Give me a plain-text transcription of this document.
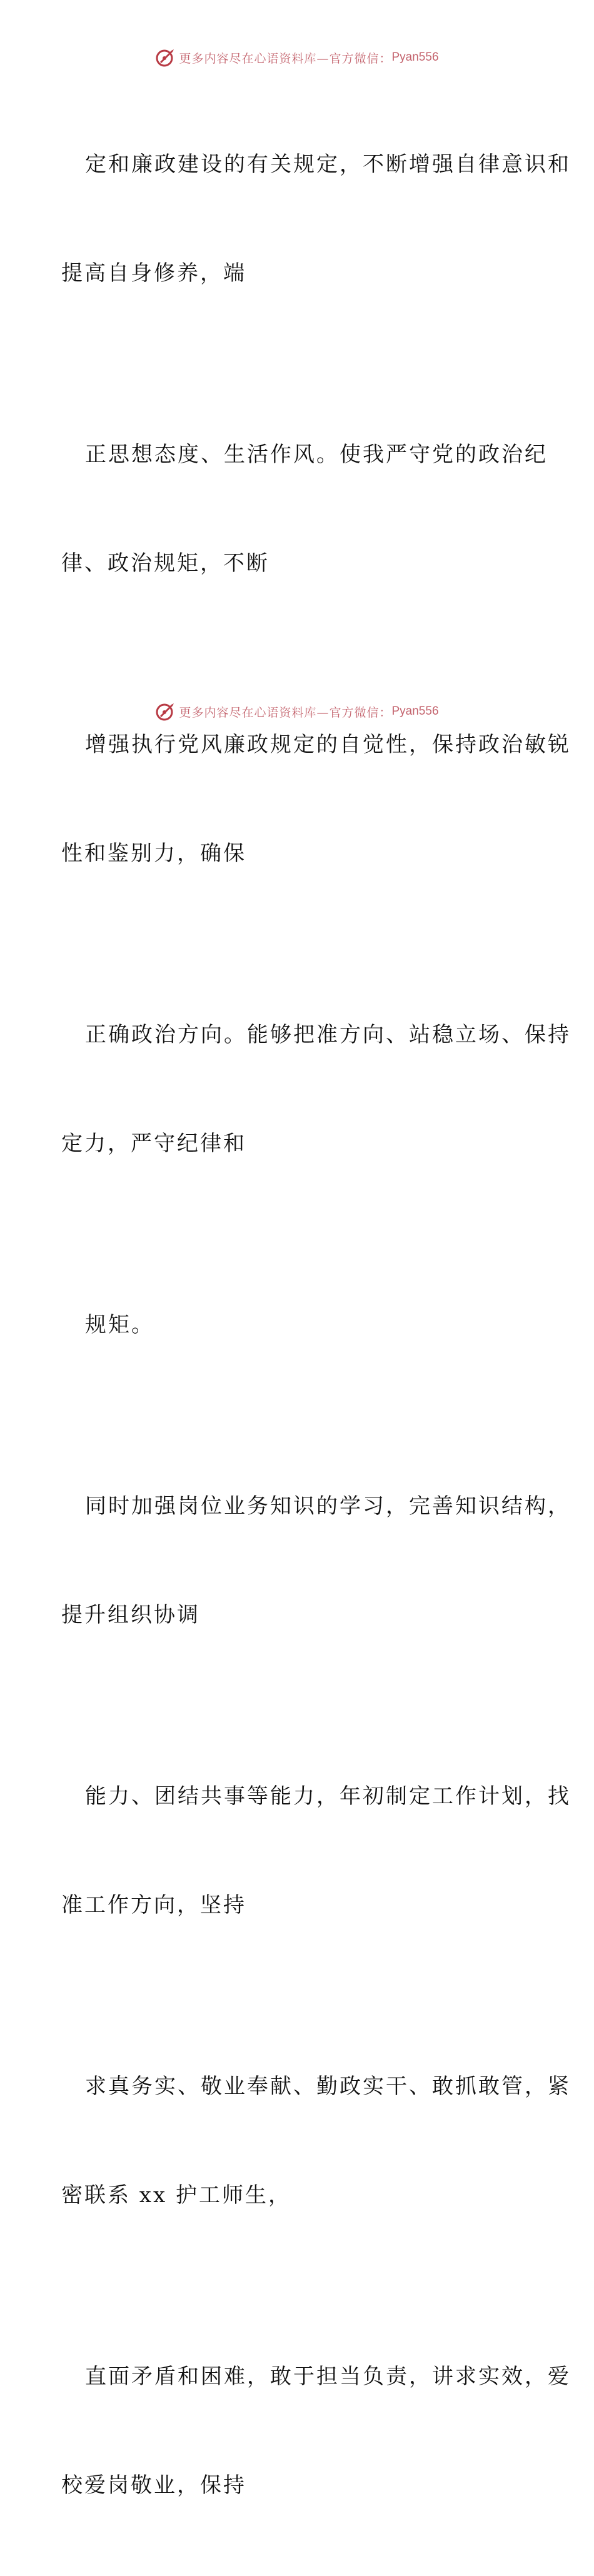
更多内容尽在心语资料库—官方微信： Pyan556

定和廉政建设的有关规定，不断增强自律意识和

提高自身修养，端

正思想态度、生活作风。使我严守党的政治纪

律、政治规矩，不断

增强执行党风廉政规定的自觉性，保持政治敏锐

性和鉴别力，确保

正确政治方向。能够把准方向、站稳立场、保持

定力，严守纪律和

规矩。

同时加强岗位业务知识的学习，完善知识结构，

提升组织协调

能力、团结共事等能力，年初制定工作计划，找

准工作方向，坚持

求真务实、敬业奉献、勤政实干、敢抓敢管，紧

密联系 xx 护工师生，

直面矛盾和困难，敢于担当负责，讲求实效，爱

校爱岗敬业，保持

更多内容尽在心语资料库—官方微信： Pyan556
